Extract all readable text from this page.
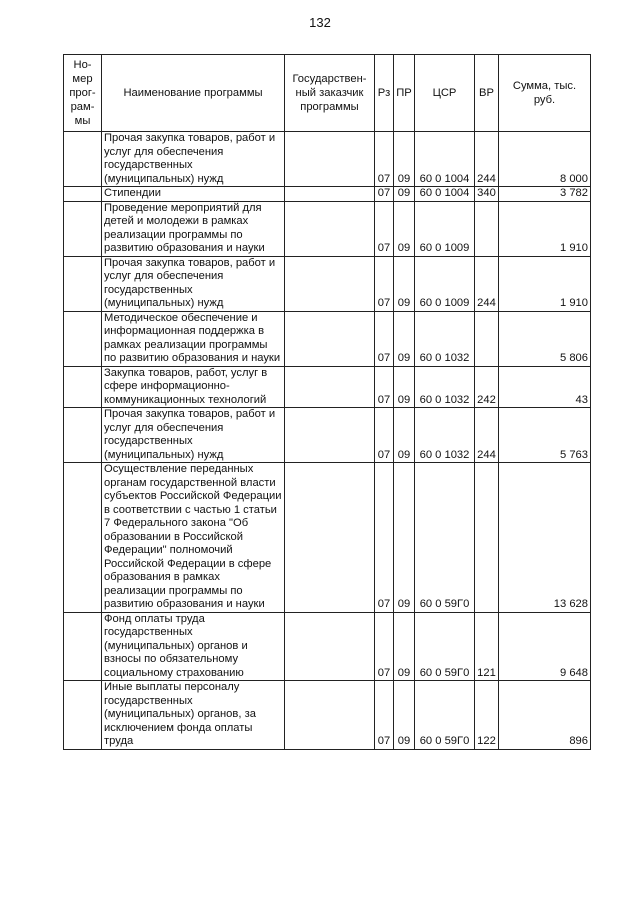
132
Но-мер прог-рам-мы	Наименование программы	Государствен-ный заказчик программы	Рз	ПР	ЦСР	ВР	Сумма, тыс. руб.
	Прочая закупка товаров, работ и услуг для обеспечения государственных (муниципальных) нужд		07	09	60 0 1004	244	8 000
	Стипендии		07	09	60 0 1004	340	3 782
	Проведение мероприятий для детей и молодежи в рамках реализации программы по развитию образования и науки		07	09	60 0 1009		1 910
	Прочая закупка товаров, работ и услуг для обеспечения государственных (муниципальных) нужд		07	09	60 0 1009	244	1 910
	Методическое обеспечение и информационная поддержка в рамках реализации программы по развитию образования и науки		07	09	60 0 1032		5 806
	Закупка товаров, работ, услуг в сфере информационно-коммуникационных технологий		07	09	60 0 1032	242	43
	Прочая закупка товаров, работ и услуг для обеспечения государственных (муниципальных) нужд		07	09	60 0 1032	244	5 763
	Осуществление переданных органам государственной власти субъектов Российской Федерации в соответствии с частью 1 статьи 7 Федерального закона "Об образовании в Российской Федерации" полномочий Российской Федерации в сфере образования в рамках реализации программы по развитию образования и науки		07	09	60 0 59Г0		13 628
	Фонд оплаты труда государственных (муниципальных) органов и взносы по обязательному социальному страхованию		07	09	60 0 59Г0	121	9 648
	Иные выплаты персоналу государственных (муниципальных) органов, за исключением фонда оплаты труда		07	09	60 0 59Г0	122	896
